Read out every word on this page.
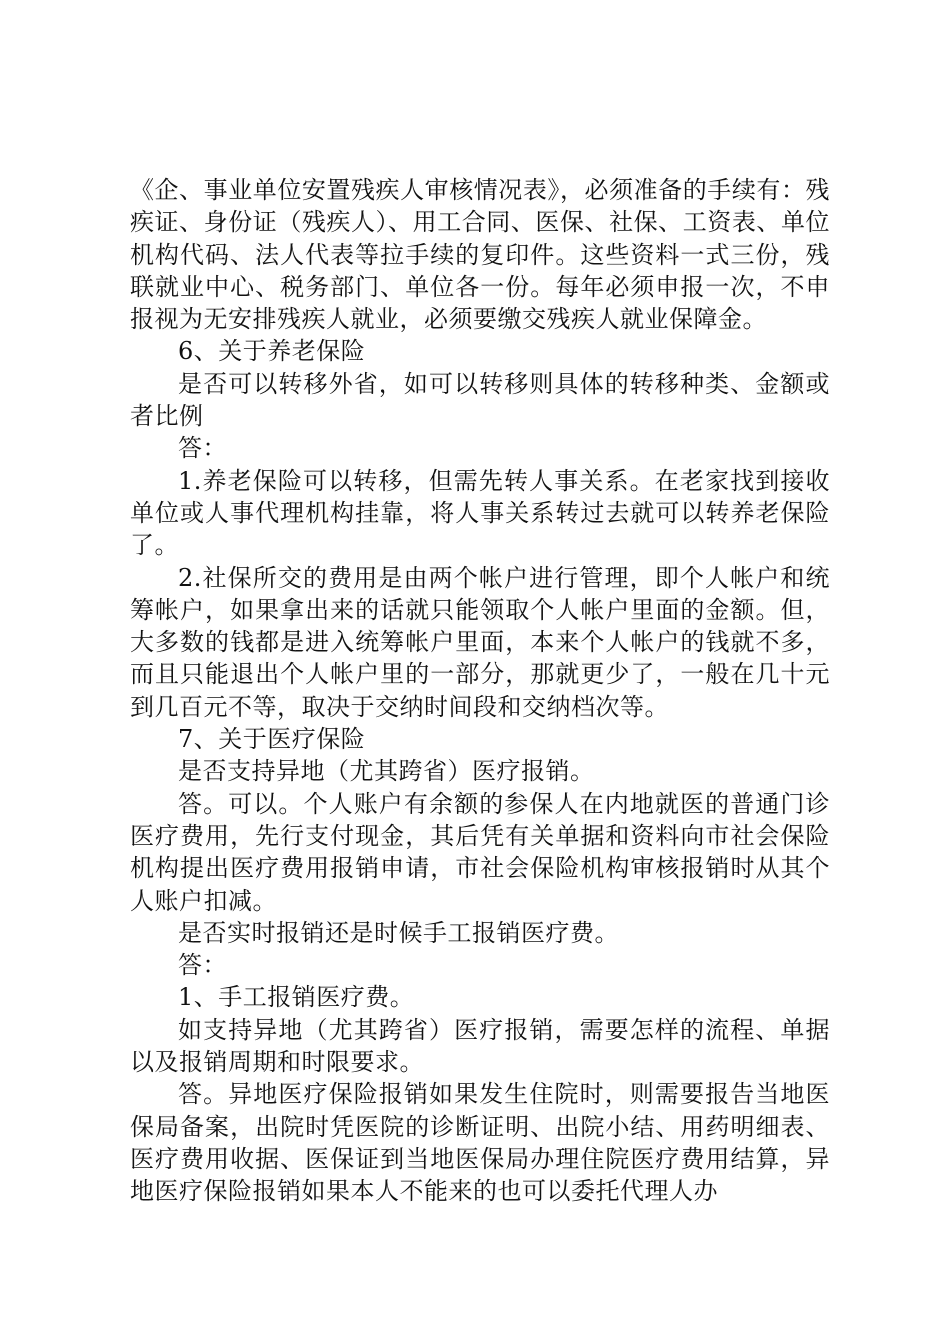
《企、事业单位安置残疾人审核情况表》，必须准备的手续有：残疾证、身份证（残疾人）、用工合同、医保、社保、工资表、单位机构代码、法人代表等拉手续的复印件。这些资料一式三份，残联就业中心、税务部门、单位各一份。每年必须申报一次，不申报视为无安排残疾人就业，必须要缴交残疾人就业保障金。

6、关于养老保险

是否可以转移外省，如可以转移则具体的转移种类、金额或者比例

答：

1.养老保险可以转移，但需先转人事关系。在老家找到接收单位或人事代理机构挂靠，将人事关系转过去就可以转养老保险了。

2.社保所交的费用是由两个帐户进行管理，即个人帐户和统筹帐户，如果拿出来的话就只能领取个人帐户里面的金额。但，大多数的钱都是进入统筹帐户里面，本来个人帐户的钱就不多，而且只能退出个人帐户里的一部分，那就更少了，一般在几十元到几百元不等，取决于交纳时间段和交纳档次等。

7、关于医疗保险

是否支持异地（尤其跨省）医疗报销。

答。可以。个人账户有余额的参保人在内地就医的普通门诊医疗费用，先行支付现金，其后凭有关单据和资料向市社会保险机构提出医疗费用报销申请，市社会保险机构审核报销时从其个人账户扣减。

是否实时报销还是时候手工报销医疗费。

答：

1、手工报销医疗费。

如支持异地（尤其跨省）医疗报销，需要怎样的流程、单据以及报销周期和时限要求。

答。异地医疗保险报销如果发生住院时，则需要报告当地医保局备案，出院时凭医院的诊断证明、出院小结、用药明细表、医疗费用收据、医保证到当地医保局办理住院医疗费用结算，异地医疗保险报销如果本人不能来的也可以委托代理人办
